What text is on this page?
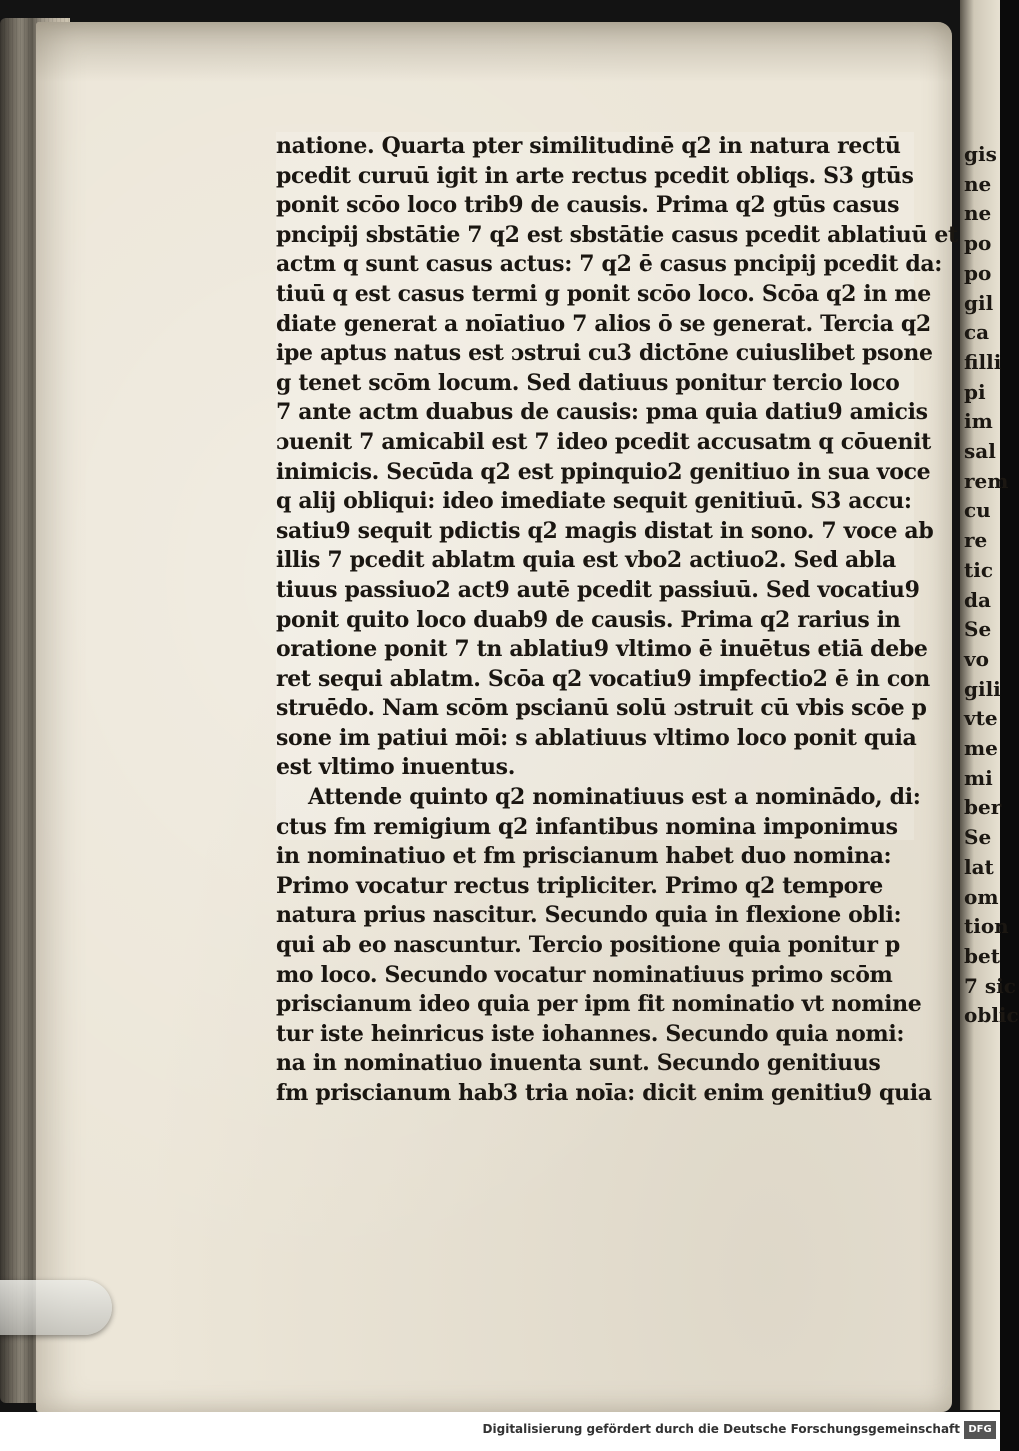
gis
ne
ne
po
po
gil
ca
filli
pi
im
sal
rem
cu
re
tic
da
Se
vo
gili
vte
me
mi
ber
Se
lat
om
tion
bet
7 sic
oblic
natione. Quarta pter similitudinē q2 in natura rectū
pcedit curuū igit in arte rectus pcedit obliqs. S3 gtūs
ponit scōo loco trib9 de causis. Prima q2 gtūs casus
pncipij sbstātie 7 q2 est sbstātie casus pcedit ablatiuū et
actm q sunt casus actus: 7 q2 ē casus pncipij pcedit da:
tiuū q est casus termi g ponit scōo loco. Scōa q2 in me
diate generat a noīatiuo 7 alios ō se generat. Tercia q2
ipe aptus natus est ɔstrui cu3 dictōne cuiuslibet psone
g tenet scōm locum. Sed datiuus ponitur tercio loco
7 ante actm duabus de causis: pma quia datiu9 amicis
ɔuenit 7 amicabil est 7 ideo pcedit accusatm q cōuenit
inimicis. Secūda q2 est ppinquio2 genitiuo in sua voce
q alij obliqui: ideo imediate sequit genitiuū. S3 accu:
satiu9 sequit pdictis q2 magis distat in sono. 7 voce ab
illis 7 pcedit ablatm quia est vbo2 actiuo2. Sed abla
tiuus passiuo2 act9 autē pcedit passiuū. Sed vocatiu9
ponit quito loco duab9 de causis. Prima q2 rarius in
oratione ponit 7 tn ablatiu9 vltimo ē inuētus etiā debe
ret sequi ablatm. Scōa q2 vocatiu9 impfectio2 ē in con
struēdo. Nam scōm pscianū solū ɔstruit cū vbis scōe p
sone im patiui mōi: s ablatiuus vltimo loco ponit quia
est vltimo inuentus.
Attende quinto q2 nominatiuus est a nominādo, di:
ctus fm remigium q2 infantibus nomina imponimus
in nominatiuo et fm priscianum habet duo nomina:
Primo vocatur rectus tripliciter. Primo q2 tempore
natura prius nascitur. Secundo quia in flexione obli:
qui ab eo nascuntur. Tercio positione quia ponitur p
mo loco. Secundo vocatur nominatiuus primo scōm
priscianum ideo quia per ipm fit nominatio vt nomine
tur iste heinricus iste iohannes. Secundo quia nomi:
na in nominatiuo inuenta sunt. Secundo genitiuus
fm priscianum hab3 tria noīa: dicit enim genitiu9 quia
Digitalisierung gefördert durch die Deutsche Forschungsgemeinschaft DFG
